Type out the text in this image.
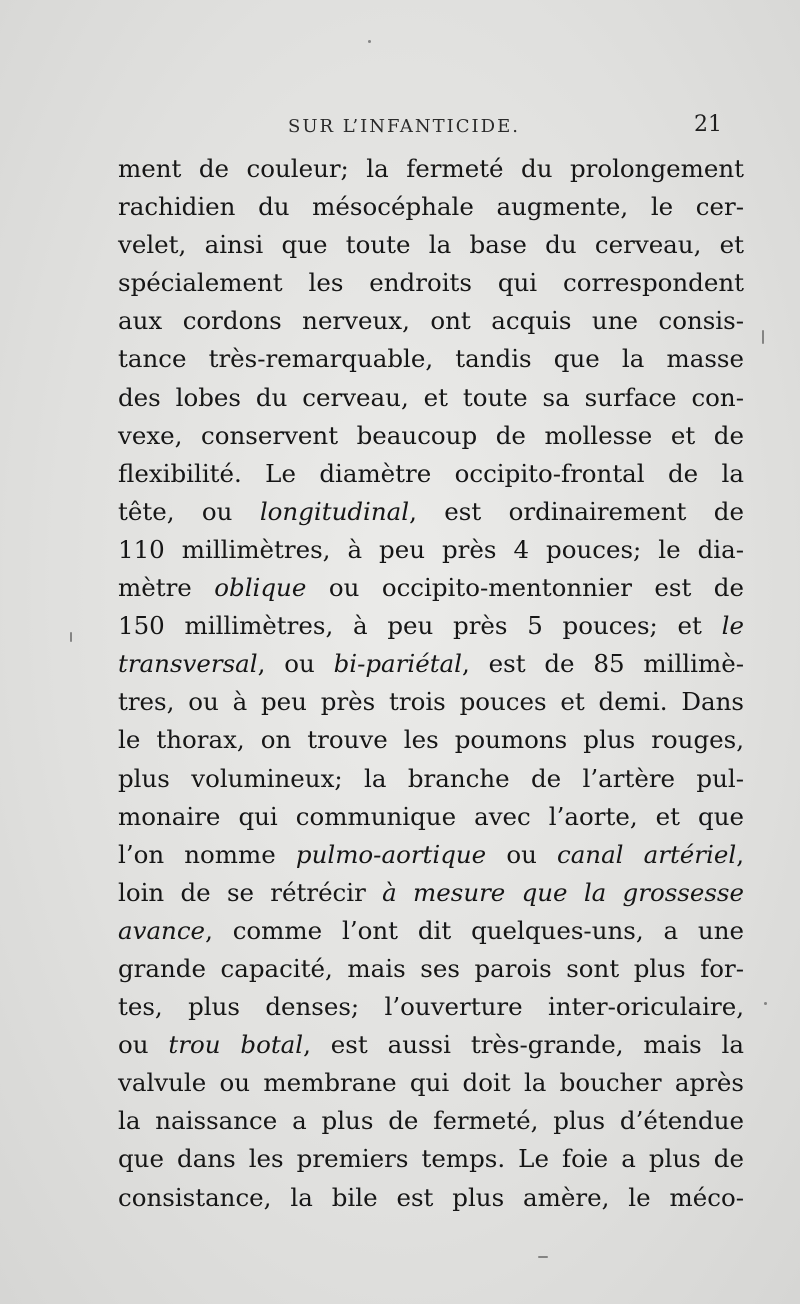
SUR L’INFANTICIDE.	21
ment de couleur; la fermeté du prolongement
rachidien du mésocéphale augmente, le cer-
velet, ainsi que toute la base du cerveau, et
spécialement les endroits qui correspondent
aux cordons nerveux, ont acquis une consis-
tance très-remarquable, tandis que la masse
des lobes du cerveau, et toute sa surface con-
vexe, conservent beaucoup de mollesse et de
flexibilité. Le diamètre occipito-frontal de la
tête, ou longitudinal, est ordinairement de
110 millimètres, à peu près 4 pouces; le dia-
mètre oblique ou occipito-mentonnier est de
150 millimètres, à peu près 5 pouces; et le
transversal, ou bi-pariétal, est de 85 millimè-
tres, ou à peu près trois pouces et demi. Dans
le thorax, on trouve les poumons plus rouges,
plus volumineux; la branche de l’artère pul-
monaire qui communique avec l’aorte, et que
l’on nomme pulmo-aortique ou canal artériel,
loin de se rétrécir à mesure que la grossesse
avance, comme l’ont dit quelques-uns, a une
grande capacité, mais ses parois sont plus for-
tes, plus denses; l’ouverture inter-oriculaire,
ou trou botal, est aussi très-grande, mais la
valvule ou membrane qui doit la boucher après
la naissance a plus de fermeté, plus d’étendue
que dans les premiers temps. Le foie a plus de
consistance, la bile est plus amère, le méco-
